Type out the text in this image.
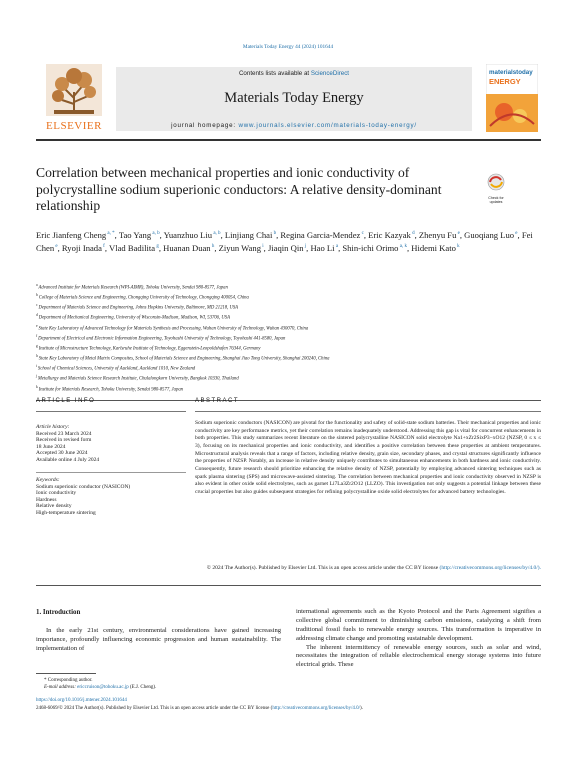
Materials Today Energy 44 (2024) 101644
ELSEVIER
Contents lists available at ScienceDirect
Materials Today Energy
journal homepage: www.journals.elsevier.com/materials-today-energy/
materialstoday
ENERGY
Correlation between mechanical properties and ionic conductivity of polycrystalline sodium superionic conductors: A relative density-dominant relationship
Check for
updates
Eric Jianfeng Cheng $^{a, *}$, Tao Yang $^{a, b}$, Yuanzhuo Liu $^{a, b}$, Linjiang Chai $^b$, Regina Garcia-Mendez $^c$, Eric Kazyak $^d$, Zhenyu Fu $^e$, Guoqiang Luo $^e$, Fei Chen $^e$, Ryoji Inada $^f$, Vlad Badilita $^g$, Huanan Duan $^h$, Ziyun Wang $^i$, Jiaqin Qin $^j$, Hao Li $^a$, Shin-ichi Orimo $^{a, k}$, Hidemi Kato $^k$
$^a$ Advanced Institute for Materials Research (WPI-AIMR), Tohoku University, Sendai 980-8577, Japan
$^b$ College of Materials Science and Engineering, Chongqing University of Technology, Chongqing 400054, China
$^c$ Department of Materials Science and Engineering, Johns Hopkins University, Baltimore, MD 21218, USA
$^d$ Department of Mechanical Engineering, University of Wisconsin-Madison, Madison, WI, 53706, USA
$^e$ State Key Laboratory of Advanced Technology for Materials Synthesis and Processing, Wuhan University of Technology, Wuhan 430070, China
$^f$ Department of Electrical and Electronic Information Engineering, Toyohashi University of Technology, Toyohashi 441-8580, Japan
$^g$ Institute of Microstructure Technology, Karlsruhe Institute of Technology, Eggenstein-Leopoldshafen 76344, Germany
$^h$ State Key Laboratory of Metal Matrix Composites, School of Materials Science and Engineering, Shanghai Jiao Tong University, Shanghai 200240, China
$^i$ School of Chemical Sciences, University of Auckland, Auckland 1010, New Zealand
$^j$ Metallurgy and Materials Science Research Institute, Chulalongkorn University, Bangkok 10330, Thailand
$^k$ Institute for Materials Research, Tohoku University, Sendai 980-8577, Japan
ARTICLE INFO

Article history:

Received 23 March 2024

Received in revised form

18 June 2024

Accepted 30 June 2024

Available online 4 July 2024

Keywords:

Sodium superionic conductor (NASICON)

Ionic conductivity

Hardness

Relative density

High-temperature sintering

ABSTRACT
Sodium superionic conductors (NASICON) are pivotal for the functionality and safety of solid-state sodium batteries. Their mechanical properties and ionic conductivity are key performance metrics, yet their correlation remains inadequately understood. Addressing this gap is vital for concurrent enhancements in both properties. This study summarizes recent literature on the sintered polycrystalline NASICON solid electrolyte Na1+xZr2SixP3−xO12 (NZSP, 0 ≤ x ≤ 3), focusing on its mechanical properties and ionic conductivity, and identifies a positive correlation between these properties at ambient temperatures. Microstructural analysis reveals that a range of factors, including relative density, grain size, secondary phases, and crystal structures significantly influence the properties of NZSP. Notably, an increase in relative density uniquely contributes to simultaneous enhancements in both hardness and ionic conductivity. Consequently, future research should prioritize enhancing the relative density of NZSP, potentially by employing advanced sintering techniques such as spark plasma sintering (SPS) and microwave-assisted sintering. The correlation between mechanical properties and ionic conductivity observed in NZSP is also evident in other oxide solid electrolytes, such as garnet Li7La3Zr2O12 (LLZO). This investigation not only suggests a potential linkage between these crucial properties but also guides subsequent strategies for refining polycrystalline oxide solid electrolytes for advanced battery technologies.
© 2024 The Author(s). Published by Elsevier Ltd. This is an open access article under the CC BY license (http://creativecommons.org/licenses/by/4.0/).
1. Introduction
In the early 21st century, environmental considerations have gained increasing importance, profoundly influencing economic progression and human sustainability. The implementation of
international agreements such as the Kyoto Protocol and the Paris Agreement signifies a collective global commitment to diminishing carbon emissions, catalyzing a shift from traditional fossil fuels to renewable energy sources. This transformation is imperative in addressing climate change and promoting sustainable development.
The inherent intermittency of renewable energy sources, such as solar and wind, necessitates the integration of reliable electrochemical energy storage systems into future electrical grids. These
* Corresponding author.
E-mail address: ericcruison@tohoku.ac.jp (E.J. Cheng).
https://doi.org/10.1016/j.mtener.2024.101644
2468-6069/© 2024 The Author(s). Published by Elsevier Ltd. This is an open access article under the CC BY license (http://creativecommons.org/licenses/by/4.0/).
